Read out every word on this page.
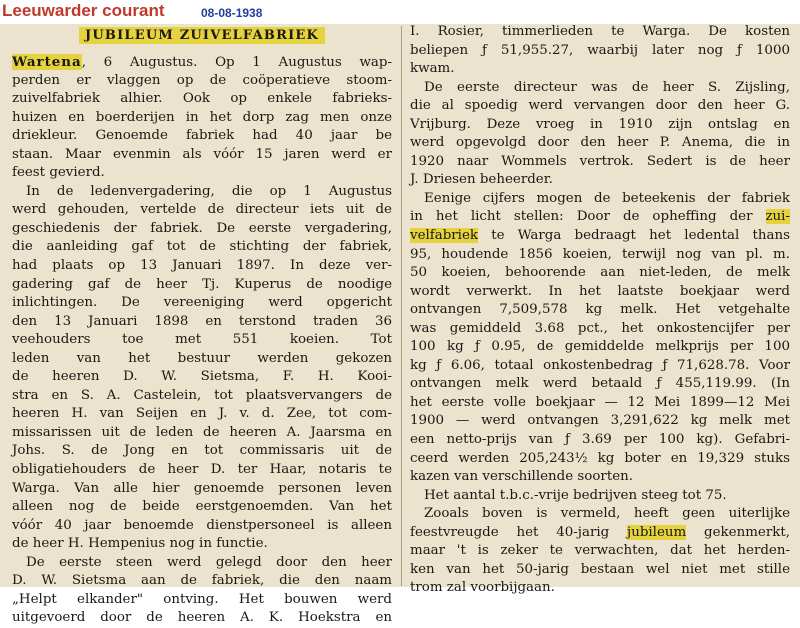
Leeuwarder courant	08-08-1938
JUBILEUM ZUIVELFABRIEK
Wartena, 6 Augustus. Op 1 Augustus wap-
perden er vlaggen op de coöperatieve stoom-
zuivelfabriek alhier. Ook op enkele fabrieks-
huizen en boerderijen in het dorp zag men onze
driekleur. Genoemde fabriek had 40 jaar be
staan. Maar evenmin als vóór 15 jaren werd er
feest gevierd.
In de ledenvergadering, die op 1 Augustus
werd gehouden, vertelde de directeur iets uit de
geschiedenis der fabriek. De eerste vergadering,
die aanleiding gaf tot de stichting der fabriek,
had plaats op 13 Januari 1897. In deze ver-
gadering gaf de heer Tj. Kuperus de noodige
inlichtingen. De vereeniging werd opgericht
den 13 Januari 1898 en terstond traden 36
veehouders toe met 551 koeien. Tot
leden van het bestuur werden gekozen
de heeren D. W. Sietsma, F. H. Kooi-
stra en S. A. Castelein, tot plaatsvervangers de
heeren H. van Seijen en J. v. d. Zee, tot com-
missarissen uit de leden de heeren A. Jaarsma en
Johs. S. de Jong en tot commissaris uit de
obligatiehouders de heer D. ter Haar, notaris te
Warga. Van alle hier genoemde personen leven
alleen nog de beide eerstgenoemden. Van het
vóór 40 jaar benoemde dienstpersoneel is alleen
de heer H. Hempenius nog in functie.
De eerste steen werd gelegd door den heer
D. W. Sietsma aan de fabriek, die den naam
„Helpt elkander" ontving. Het bouwen werd
uitgevoerd door de heeren A. K. Hoekstra en
I. Rosier, timmerlieden te Warga. De kosten
beliepen ƒ 51,955.27, waarbij later nog ƒ 1000
kwam.
De eerste directeur was de heer S. Zijsling,
die al spoedig werd vervangen door den heer G.
Vrijburg. Deze vroeg in 1910 zijn ontslag en
werd opgevolgd door den heer P. Anema, die in
1920 naar Wommels vertrok. Sedert is de heer
J. Driesen beheerder.
Eenige cijfers mogen de beteekenis der fabriek
in het licht stellen: Door de opheffing der zui-
velfabriek te Warga bedraagt het ledental thans
95, houdende 1856 koeien, terwijl nog van pl. m.
50 koeien, behoorende aan niet-leden, de melk
wordt verwerkt. In het laatste boekjaar werd
ontvangen 7,509,578 kg melk. Het vetgehalte
was gemiddeld 3.68 pct., het onkostencijfer per
100 kg ƒ 0.95, de gemiddelde melkprijs per 100
kg ƒ 6.06, totaal onkostenbedrag ƒ 71,628.78. Voor
ontvangen melk werd betaald ƒ 455,119.99. (In
het eerste volle boekjaar — 12 Mei 1899—12 Mei
1900 — werd ontvangen 3,291,622 kg melk met
een netto-prijs van ƒ 3.69 per 100 kg). Gefabri-
ceerd werden 205,243½ kg boter en 19,329 stuks
kazen van verschillende soorten.
Het aantal t.b.c.-vrije bedrijven steeg tot 75.
Zooals boven is vermeld, heeft geen uiterlijke
feestvreugde het 40-jarig jubileum gekenmerkt,
maar 't is zeker te verwachten, dat het herden-
ken van het 50-jarig bestaan wel niet met stille
trom zal voorbijgaan.
